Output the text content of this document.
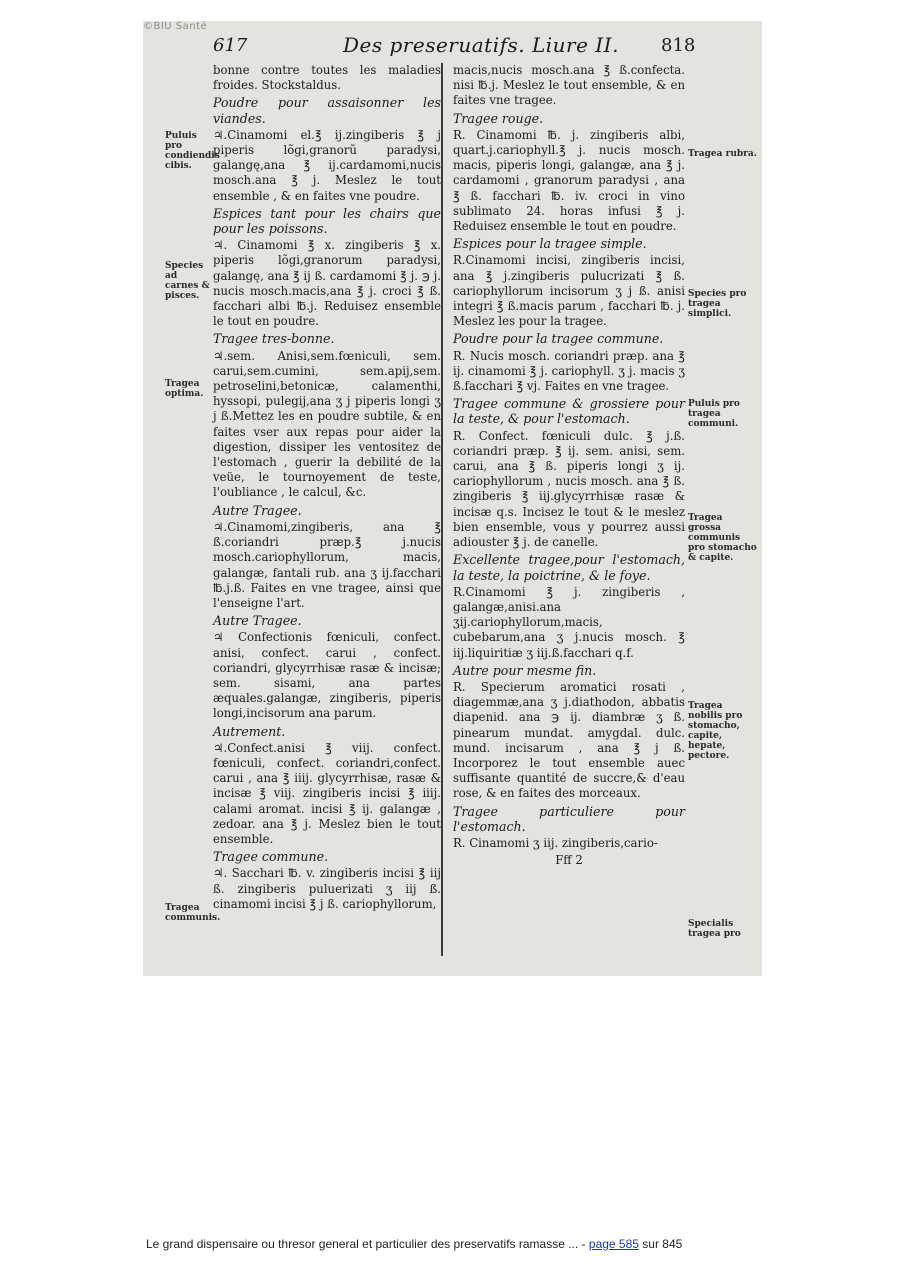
©BIU Santé
617	Des preseruatifs. Liure II. 818

bonne contre toutes les maladies froides. Stockstaldus.

Poudre pour assaisonner les viandes.

♃.Cinamomi el.℥ ij.zingiberis ℥ j piperis lõgi,granorũ paradysi, galangę,ana ℥ ij.cardamomi,nucis mosch.ana ℥ j. Meslez le tout ensemble , & en faites vne poudre.

Espices tant pour les chairs que pour les poissons.

♃. Cinamomi ℥ x. zingiberis ℥ x. piperis lõgi,granorum paradysi, galangę, ana ℥ ij ß. cardamomi ℥ j. ℈ j. nucis mosch.macis,ana ℥ j. croci ℥ ß. facchari albi ℔.j. Reduisez ensemble le tout en poudre.

Tragee tres-bonne.

♃.sem. Anisi,sem.fœniculi, sem. carui,sem.cumini, sem.apij,sem. petroselini,betonicæ, calamenthi, hyssopi, pulegij,ana ʒ j piperis longi ʒ j ß.Mettez les en poudre subtile, & en faites vser aux repas pour aider la digestion, dissiper les ventositez de l'estomach , guerir la debilité de la veüe, le tournoyement de teste, l'oubliance , le calcul, &c.

Autre Tragee.

♃.Cinamomi,zingiberis, ana ℥ ß.coriandri præp.℥ j.nucis mosch.cariophyllorum, macis, galangæ, fantali rub. ana ʒ ij.facchari ℔.j.ß. Faites en vne tragee, ainsi que l'enseigne l'art.

Autre Tragee.

♃ Confectionis fœniculi, confect. anisi, confect. carui , confect. coriandri, glycyrrhisæ rasæ & incisæ; sem. sisami, ana partes æquales.galangæ, zingiberis, piperis longi,incisorum ana parum.

Autrement.

♃.Confect.anisi ℥ viij. confect. fœniculi, confect. coriandri,confect. carui , ana ℥ iiij. glycyrrhisæ, rasæ & incisæ ℥ viij. zingiberis incisi ℥ iiij. calami aromat. incisi ℥ ij. galangæ , zedoar. ana ℥ j. Meslez bien le tout ensemble.

Tragee commune.

♃. Sacchari ℔. v. zingiberis incisi ℥ iij ß. zingiberis puluerizati ʒ iij ß. cinamomi incisi ℥ j ß. cariophyllorum,

macis,nucis mosch.ana ℥ ß.confecta. nisi ℔.j. Meslez le tout ensemble, & en faites vne tragee.

Tragee rouge.

R. Cinamomi ℔. j. zingiberis albi, quart.j.cariophyll.℥ j. nucis mosch. macis, piperis longi, galangæ, ana ℥ j. cardamomi , granorum paradysi , ana ℥ ß. facchari ℔. iv. croci in vino sublimato 24. horas infusi ℥ j. Reduisez ensemble le tout en poudre.

Espices pour la tragee simple.

R.Cinamomi incisi, zingiberis incisi, ana ℥ j.zingiberis pulucrizati ℥ ß. cariophyllorum incisorum ʒ j ß. anisi integri ℥ ß.macis parum , facchari ℔. j. Meslez les pour la tragee.

Poudre pour la tragee commune.

R. Nucis mosch. coriandri præp. ana ℥ ij. cinamomi ℥ j. cariophyll. ʒ j. macis ʒ ß.facchari ℥ vj. Faites en vne tragee.

Tragee commune & grossiere pour la teste, & pour l'estomach.

R. Confect. fœniculi dulc. ℥ j.ß. coriandri præp. ℥ ij. sem. anisi, sem. carui, ana ℥ ß. piperis longi ʒ ij. cariophyllorum , nucis mosch. ana ℥ ß. zingiberis ℥ iij.glycyrrhisæ rasæ & incisæ q.s. Incisez le tout & le meslez bien ensemble, vous y pourrez aussi adiouster ℥ j. de canelle.

Excellente tragee,pour l'estomach, la teste, la poictrine, & le foye.

R.Cinamomi ℥ j. zingiberis , galangæ,anisi.ana ʒij.cariophyllorum,macis, cubebarum,ana ʒ j.nucis mosch. ℥ iij.liquiritiæ ʒ iij.ß.facchari q.f.

Autre pour mesme fin.

R. Specierum aromatici rosati , diagemmæ,ana ʒ j.diathodon, abbatis diapenid. ana ℈ ij. diambræ ʒ ß. pinearum mundat. amygdal. dulc. mund. incisarum , ana ℥ j ß. Incorporez le tout ensemble auec suffisante quantité de succre,& d'eau rose, & en faites des morceaux.

Tragee particuliere pour l'estomach.

R. Cinamomi ʒ iij. zingiberis,cario-

Fff 2

Puluis pro condiendis cibis.
Species ad carnes & pisces.
Tragea optima.
Tragea communis.
Tragea rubra.
Species pro tragea simplici.
Puluis pro tragea communi.
Tragea grossa communis pro stomacho & capite.
Tragea nobilis pro stomacho, capite, hepate, pectore.
Specialis tragea pro
Le grand dispensaire ou thresor general et particulier des preservatifs ramasse ... - page 585 sur 845
